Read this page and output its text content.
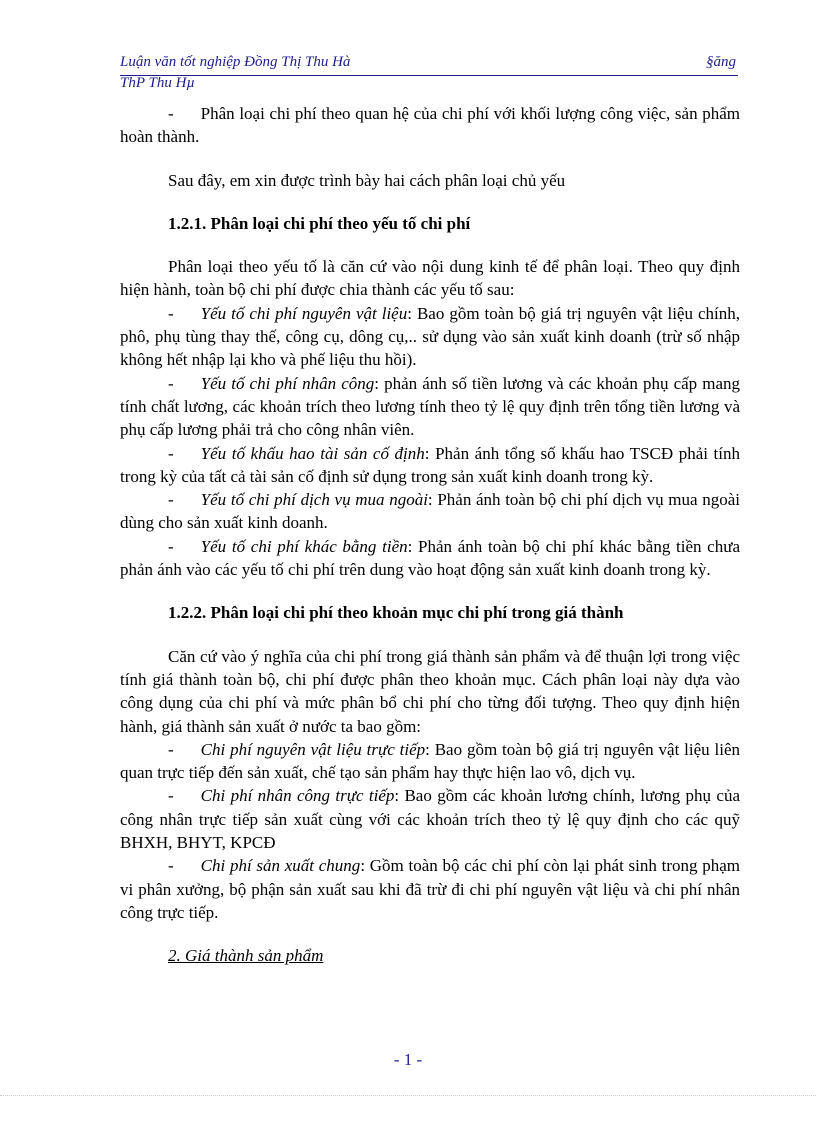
Luận văn tốt nghiệp Đồng Thị Thu Hà	§ăng
ThP Thu Hµ

- Phân loại chi phí theo quan hệ của chi phí với khối lượng công việc, sản phẩm hoàn thành.

Sau đây, em xin được trình bày hai cách phân loại chủ yếu

1.2.1. Phân loại chi phí theo yếu tố chi phí

Phân loại theo yếu tố là căn cứ vào nội dung kinh tế để phân loại. Theo quy định hiện hành, toàn bộ chi phí được chia thành các yếu tố sau:

- Yếu tố chi phí nguyên vật liệu: Bao gồm toàn bộ giá trị nguyên vật liệu chính, phô, phụ tùng thay thế, công cụ, dông cụ,.. sử dụng vào sản xuất kinh doanh (trừ số nhập không hết nhập lại kho và phế liệu thu hồi).

- Yếu tố chi phí nhân công: phản ánh số tiền lương và các khoản phụ cấp mang tính chất lương, các khoản trích theo lương tính theo tỷ lệ quy định trên tổng tiền lương và phụ cấp lương phải trả cho công nhân viên.

- Yếu tố khấu hao tài sản cố định: Phản ánh tổng số khấu hao TSCĐ phải tính trong kỳ của tất cả tài sản cố định sử dụng trong sản xuất kinh doanh trong kỳ.

- Yếu tố chi phí dịch vụ mua ngoài: Phản ánh toàn bộ chi phí dịch vụ mua ngoài dùng cho sản xuất kinh doanh.

- Yếu tố chi phí khác bằng tiền: Phản ánh toàn bộ chi phí khác bằng tiền chưa phản ánh vào các yếu tố chi phí trên dung vào hoạt động sản xuất kinh doanh trong kỳ.

1.2.2. Phân loại chi phí theo khoản mục chi phí trong giá thành

Căn cứ vào ý nghĩa của chi phí trong giá thành sản phẩm và để thuận lợi trong việc tính giá thành toàn bộ, chi phí được phân theo khoản mục. Cách phân loại này dựa vào công dụng của chi phí và mức phân bổ chi phí cho từng đối tượng. Theo quy định hiện hành, giá thành sản xuất ở nước ta bao gồm:

- Chi phí nguyên vật liệu trực tiếp: Bao gồm toàn bộ giá trị nguyên vật liệu liên quan trực tiếp đến sản xuất, chế tạo sản phẩm hay thực hiện lao vô, dịch vụ.

- Chi phí nhân công trực tiếp: Bao gồm các khoản lương chính, lương phụ của công nhân trực tiếp sản xuất cùng với các khoản trích theo tỷ lệ quy định cho các quỹ BHXH, BHYT, KPCĐ

- Chi phí sản xuất chung: Gồm toàn bộ các chi phí còn lại phát sinh trong phạm vi phân xưởng, bộ phận sản xuất sau khi đã trừ đi chi phí nguyên vật liệu và chi phí nhân công trực tiếp.

2. Giá thành sản phẩm

- 1 -
